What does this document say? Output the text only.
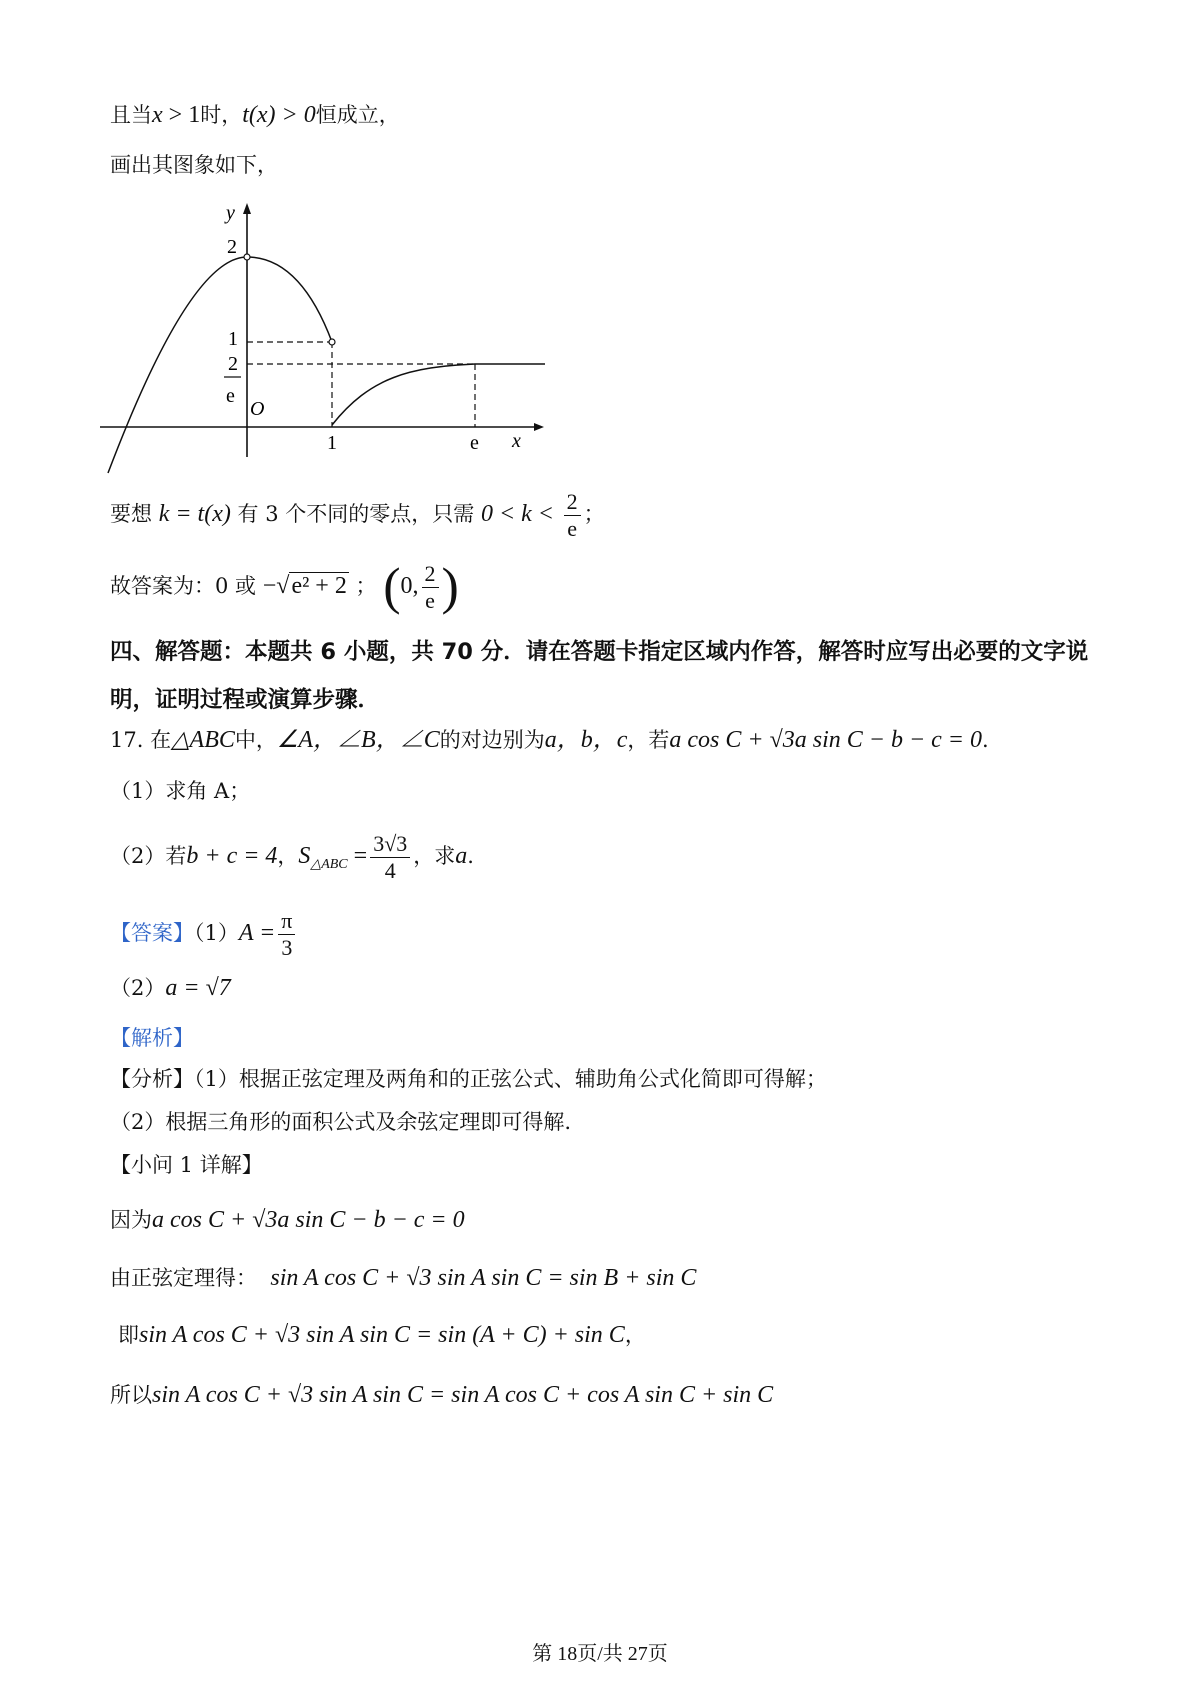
且当x > 1时，t(x) > 0恒成立，
画出其图象如下，
y
2
1
2
e
O
1	e x
要想 k = t(x) 有 3 个不同的零点，只需 $0 < k < \frac{2}{e}$ ；
故答案为：0 或 −√e² + 2 ； (0, $\frac{2}{e}$ )
四、解答题：本题共 6 小题，共 70 分．请在答题卡指定区域内作答，解答时应写出必要的文字说明，证明过程或演算步骤．
17. 在△ABC中，∠A，∠B，∠C的对边别为a，b，c，若a cos C + √3a sin C − b − c = 0.
（1）求角 A；
（2）若b + c = 4，$S_{\triangle ABC} = \frac{3√3}{4}$ ，求a.
【答案】$(1)A = \frac{\pi}{3}$
（2）a = √7
【解析】
【分析】（1）根据正弦定理及两角和的正弦公式、辅助角公式化简即可得解；
（2）根据三角形的面积公式及余弦定理即可得解.
【小问 1 详解】
因为a cos C + √3a sin C − b − c = 0
由正弦定理得： sin A cos C + √3 sin A sin C = sin B + sin C
即sin A cos C + √3 sin A sin C = sin (A + C) + sin C，
所以sin A cos C + √3 sin A sin C = sin A cos C + cos A sin C + sin C
第 18页/共 27页
